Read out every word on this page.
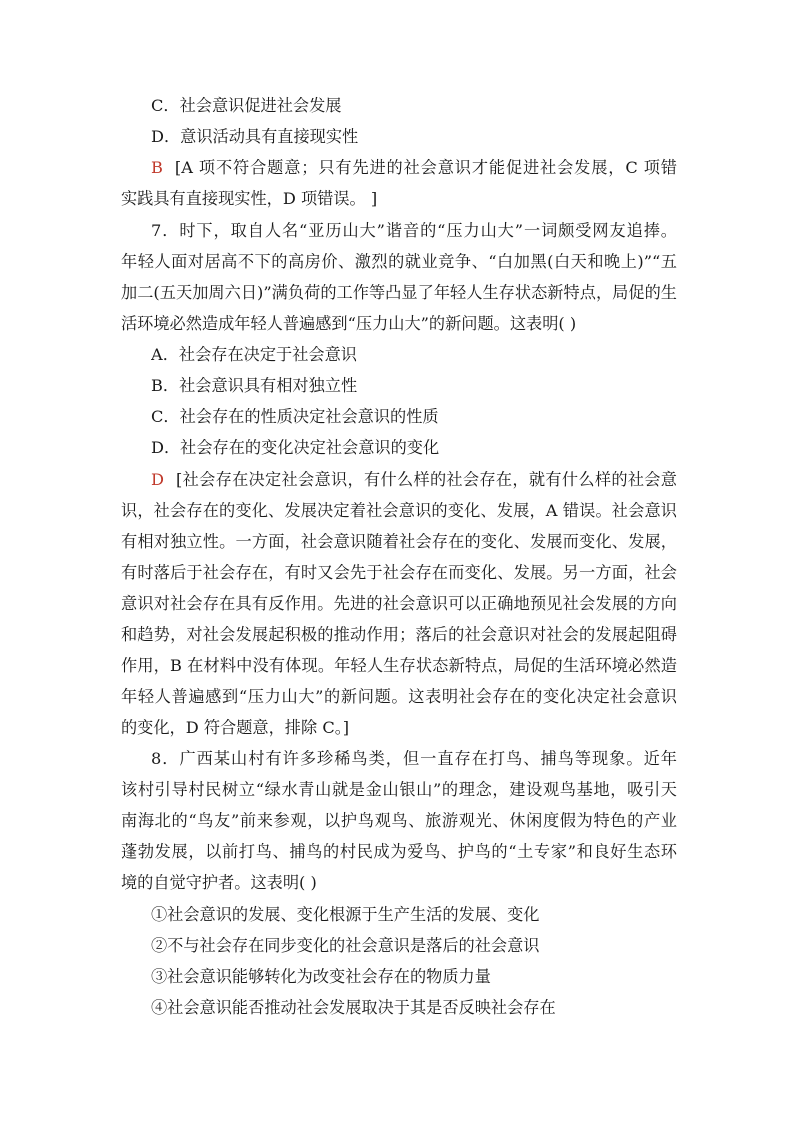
C．社会意识促进社会发展
D．意识活动具有直接现实性
B [A 项不符合题意；只有先进的社会意识才能促进社会发展，C 项错
实践具有直接现实性，D 项错误。 ]
7．时下，取自人名“亚历山大”谐音的“压力山大”一词颇受网友追捧。
年轻人面对居高不下的高房价、激烈的就业竞争、“白加黑(白天和晚上)”“五
加二(五天加周六日)”满负荷的工作等凸显了年轻人生存状态新特点，局促的生
活环境必然造成年轻人普遍感到“压力山大”的新问题。这表明( )
A．社会存在决定于社会意识
B．社会意识具有相对独立性
C．社会存在的性质决定社会意识的性质
D．社会存在的变化决定社会意识的变化
D [社会存在决定社会意识，有什么样的社会存在，就有什么样的社会意
识，社会存在的变化、发展决定着社会意识的变化、发展，A 错误。社会意识
有相对独立性。一方面，社会意识随着社会存在的变化、发展而变化、发展，
有时落后于社会存在，有时又会先于社会存在而变化、发展。另一方面，社会
意识对社会存在具有反作用。先进的社会意识可以正确地预见社会发展的方向
和趋势，对社会发展起积极的推动作用；落后的社会意识对社会的发展起阻碍
作用，B 在材料中没有体现。年轻人生存状态新特点，局促的生活环境必然造
年轻人普遍感到“压力山大”的新问题。这表明社会存在的变化决定社会意识
的变化，D 符合题意，排除 C。]
8．广西某山村有许多珍稀鸟类，但一直存在打鸟、捕鸟等现象。近年
该村引导村民树立“绿水青山就是金山银山”的理念，建设观鸟基地，吸引天
南海北的“鸟友”前来参观，以护鸟观鸟、旅游观光、休闲度假为特色的产业
蓬勃发展，以前打鸟、捕鸟的村民成为爱鸟、护鸟的“土专家”和良好生态环
境的自觉守护者。这表明( )
①社会意识的发展、变化根源于生产生活的发展、变化
②不与社会存在同步变化的社会意识是落后的社会意识
③社会意识能够转化为改变社会存在的物质力量
④社会意识能否推动社会发展取决于其是否反映社会存在
